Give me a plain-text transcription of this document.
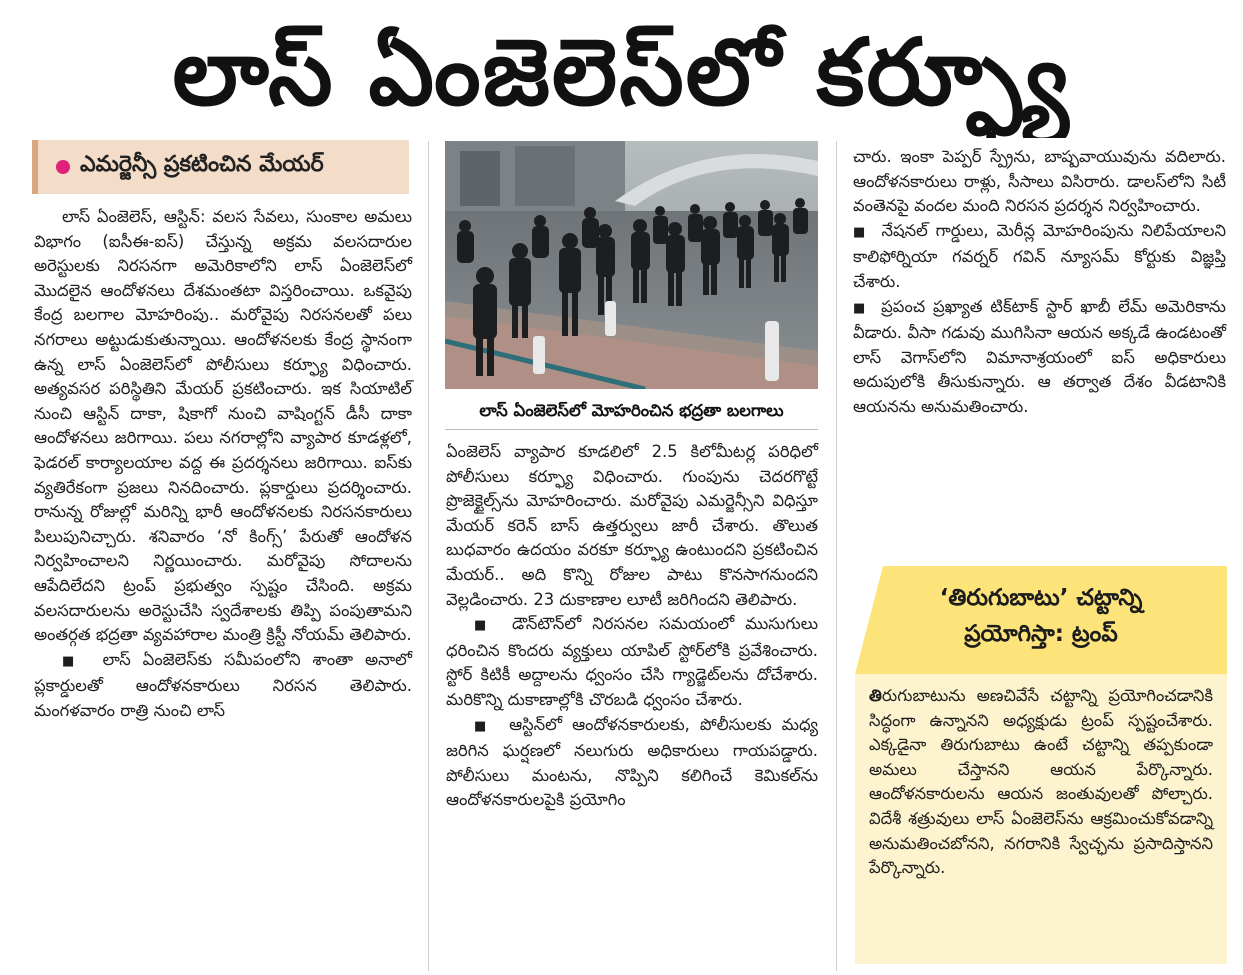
లాస్ ఏంజెలెస్‌లో కర్ఫ్యూ
ఎమర్జెన్సీ ప్రకటించిన మేయర్

లాస్ ఏంజెలెస్, ఆస్టిన్: వలస సేవలు, సుంకాల అమలు విభాగం (ఐసీఈ-ఐస్) చేస్తున్న అక్రమ వలసదారుల అరెస్టులకు నిరసనగా అమెరికాలోని లాస్ ఏంజెలెస్‌లో మొదలైన ఆందోళనలు దేశమంతటా విస్తరించాయి. ఒకవైపు కేంద్ర బలగాల మోహరింపు.. మరోవైపు నిరసనలతో పలు నగరాలు అట్టుడుకుతున్నాయి. ఆందోళనలకు కేంద్ర స్థానంగా ఉన్న లాస్ ఏంజెలెస్‌లో పోలీసులు కర్ఫ్యూ విధించారు. అత్యవసర పరిస్థితిని మేయర్ ప్రకటించారు. ఇక సియాటిల్ నుంచి ఆస్టిన్ దాకా, షికాగో నుంచి వాషింగ్టన్ డీసీ దాకా ఆందోళనలు జరిగాయి. పలు నగరాల్లోని వ్యాపార కూడళ్లలో, ఫెడరల్ కార్యాలయాల వద్ద ఈ ప్రదర్శనలు జరిగాయి. ఐస్‌కు వ్యతిరేకంగా ప్రజలు నినదించారు. ప్లకార్డులు ప్రదర్శించారు. రానున్న రోజుల్లో మరిన్ని భారీ ఆందోళనలకు నిరసనకారులు పిలుపునిచ్చారు. శనివారం ‘నో కింగ్స్’ పేరుతో ఆందోళన నిర్వహించాలని నిర్ణయించారు. మరోవైపు సోదాలను ఆపేదిలేదని ట్రంప్ ప్రభుత్వం స్పష్టం చేసింది. అక్రమ వలసదారులను అరెస్టుచేసి స్వదేశాలకు తిప్పి పంపుతామని అంతర్గత భద్రతా వ్యవహారాల మంత్రి క్రిస్టీ నోయమ్ తెలిపారు.

■  లాస్ ఏంజెలెస్‌కు సమీపంలోని శాంతా అనాలో ప్లకార్డులతో ఆందోళనకారులు నిరసన తెలిపారు. మంగళవారం రాత్రి నుంచి లాస్

లాస్ ఏంజెలెస్‌లో మోహరించిన భద్రతా బలగాలు

ఏంజెలెస్ వ్యాపార కూడలిలో 2.5 కిలోమీటర్ల పరిధిలో పోలీసులు కర్ఫ్యూ విధించారు. గుంపును చెదరగొట్టే ప్రొజెక్టైల్స్‌ను మోహరించారు. మరోవైపు ఎమర్జెన్సీని విధిస్తూ మేయర్ కరెన్ బాస్ ఉత్తర్వులు జారీ చేశారు. తొలుత బుధవారం ఉదయం వరకూ కర్ఫ్యూ ఉంటుందని ప్రకటించిన మేయర్.. అది కొన్ని రోజుల పాటు కొనసాగనుందని వెల్లడించారు. 23 దుకాణాల లూటీ జరిగిందని తెలిపారు.

■  డౌన్‌టౌన్‌లో నిరసనల సమయంలో ముసుగులు ధరించిన కొందరు వ్యక్తులు యాపిల్ స్టోర్‌లోకి ప్రవేశించారు. స్టోర్ కిటికీ అద్దాలను ధ్వంసం చేసి గ్యాడ్జెట్‌లను దోచేశారు. మరికొన్ని దుకాణాల్లోకి చొరబడి ధ్వంసం చేశారు.

■  ఆస్టిన్‌లో ఆందోళనకారులకు, పోలీసులకు మధ్య జరిగిన ఘర్షణలో నలుగురు అధికారులు గాయపడ్డారు. పోలీసులు మంటను, నొప్పిని కలిగించే కెమికల్‌ను ఆందోళనకారులపైకి ప్రయోగిం

చారు. ఇంకా పెప్పర్ స్ప్రేను, బాష్పవాయువును వదిలారు. ఆందోళనకారులు రాళ్లు, సీసాలు విసిరారు. డాలస్‌లోని సిటీ వంతెనపై వందల మంది నిరసన ప్రదర్శన నిర్వహించారు.

■  నేషనల్ గార్డులు, మెరీన్ల మోహరింపును నిలిపేయాలని కాలిఫోర్నియా గవర్నర్ గవిన్ న్యూసమ్ కోర్టుకు విజ్ఞప్తి చేశారు.

■  ప్రపంచ ప్రఖ్యాత టిక్‌టాక్ స్టార్ ఖాబీ లేమ్ అమెరికాను వీడారు. వీసా గడువు ముగిసినా ఆయన అక్కడే ఉండటంతో లాస్ వెగాస్‌లోని విమానాశ్రయంలో ఐస్ అధికారులు అదుపులోకి తీసుకున్నారు. ఆ తర్వాత దేశం వీడటానికి ఆయనను అనుమతించారు.

‘తిరుగుబాటు’ చట్టాన్ని
ప్రయోగిస్తా: ట్రంప్

తిరుగుబాటును అణచివేసే చట్టాన్ని ప్రయోగించడానికి సిద్ధంగా ఉన్నానని అధ్యక్షుడు ట్రంప్ స్పష్టంచేశారు. ఎక్కడైనా తిరుగుబాటు ఉంటే చట్టాన్ని తప్పకుండా అమలు చేస్తానని ఆయన పేర్కొన్నారు. ఆందోళనకారులను ఆయన జంతువులతో పోల్చారు. విదేశీ శత్రువులు లాస్ ఏంజెలెస్‌ను ఆక్రమించుకోవడాన్ని అనుమతించబోనని, నగరానికి స్వేచ్ఛను ప్రసాదిస్తానని పేర్కొన్నారు.
